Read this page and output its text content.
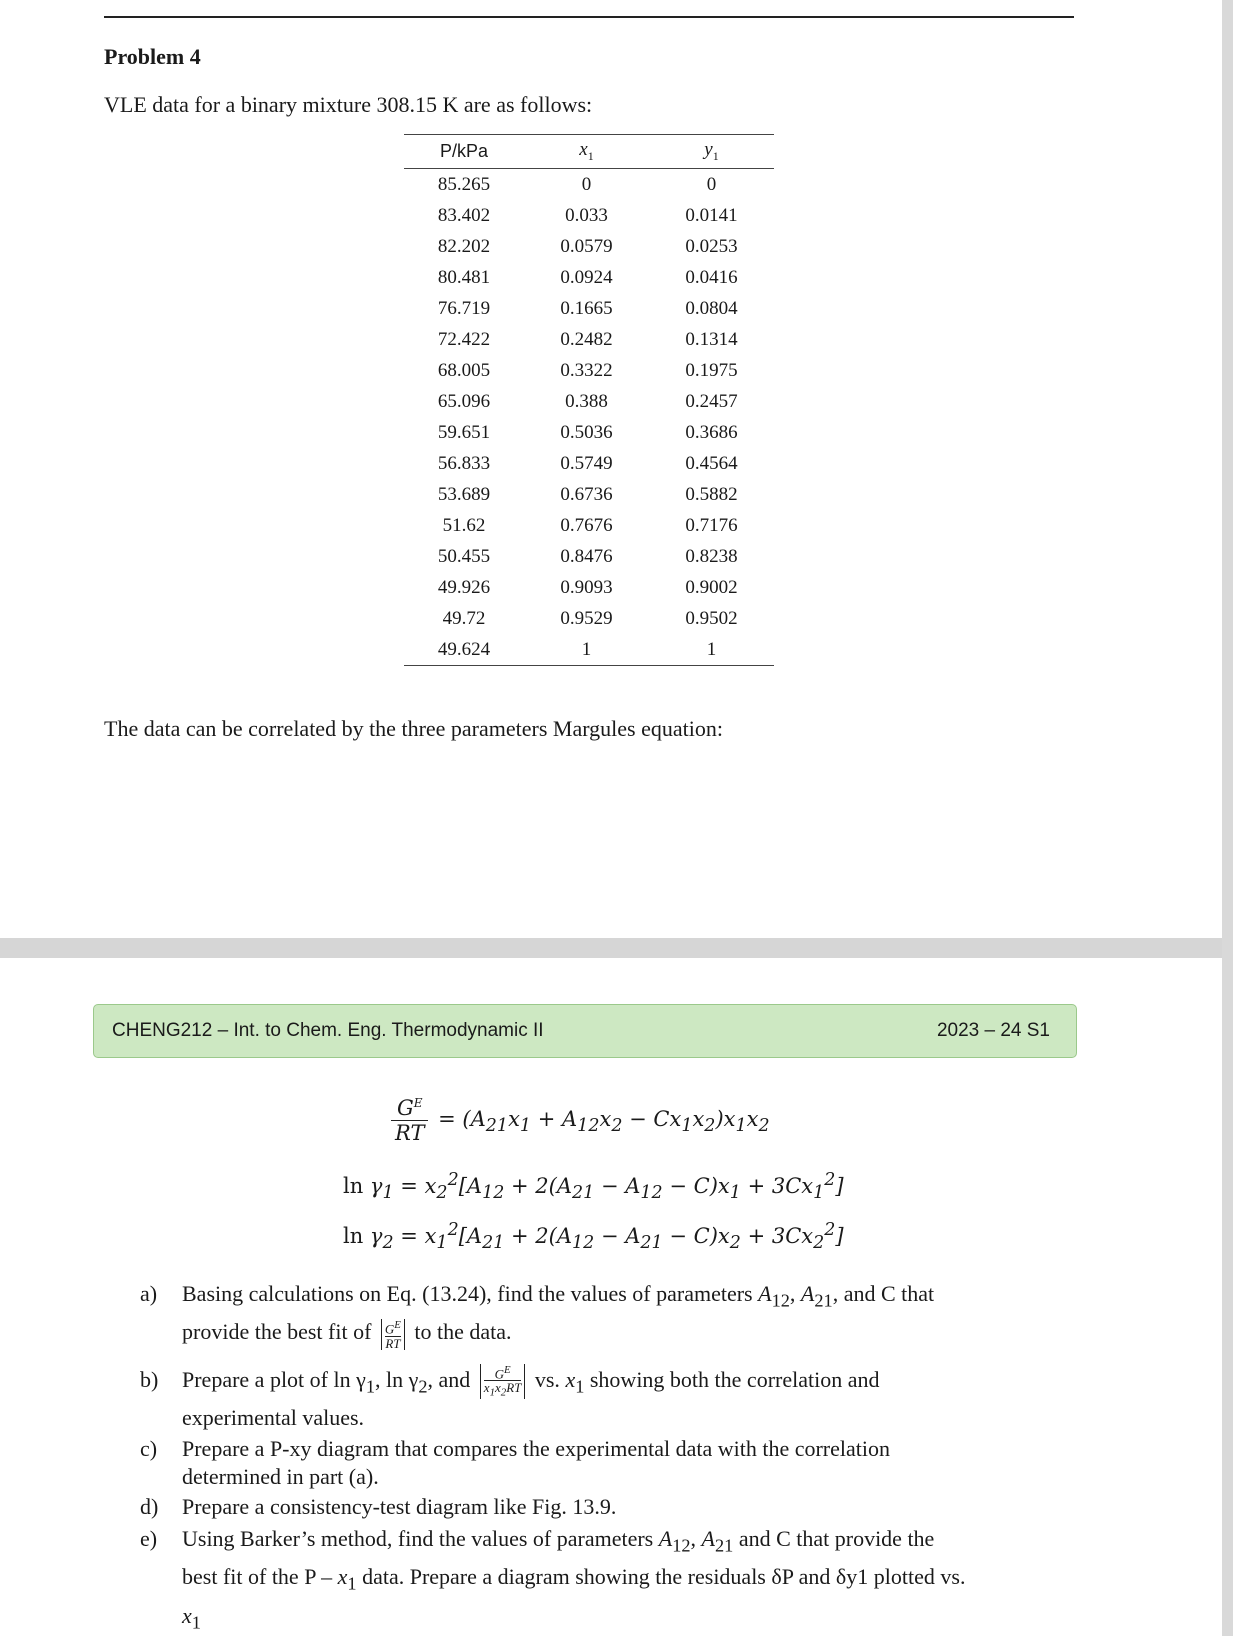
Problem 4
VLE data for a binary mixture 308.15 K are as follows:
P/kPa	$x_1$	$y_1$
85.265	0	0
83.402	0.033	0.0141
82.202	0.0579	0.0253
80.481	0.0924	0.0416
76.719	0.1665	0.0804
72.422	0.2482	0.1314
68.005	0.3322	0.1975
65.096	0.388	0.2457
59.651	0.5036	0.3686
56.833	0.5749	0.4564
53.689	0.6736	0.5882
51.62	0.7676	0.7176
50.455	0.8476	0.8238
49.926	0.9093	0.9002
49.72	0.9529	0.9502
49.624	1	1
The data can be correlated by the three parameters Margules equation:
CHENG212 – Int. to Chem. Eng. Thermodynamic II	2023 – 24 S1
$\frac{G^E}{RT} = (A_{21}x_1 + A_{12}x_2 - Cx_1x_2)x_1x_2$
$\ln \gamma_1 = x_2^2[A_{12} + 2(A_{21} - A_{12} - C)x_1 + 3Cx_1^2]$
$\ln \gamma_2 = x_1^2[A_{21} + 2(A_{12} - A_{21} - C)x_2 + 3Cx_2^2]$
a) Basing calculations on Eq. (13.24), find the values of parameters $A_{12}$, $A_{21}$, and C that
provide the best fit of $\frac{G^E}{RT}$ to the data.
b) Prepare a plot of $\ln \gamma_1$, $\ln \gamma_2$, and $\frac{G^E}{x_1x_2RT}$ vs. $x_1$ showing both the correlation and
experimental values.
c) Prepare a P-xy diagram that compares the experimental data with the correlation
determined in part (a).
d) Prepare a consistency-test diagram like Fig. 13.9.
e) Using Barker’s method, find the values of parameters $A_{12}$, $A_{21}$ and C that provide the
best fit of the P – $x_1$ data. Prepare a diagram showing the residuals δP and δy1 plotted vs.
$x_1$
